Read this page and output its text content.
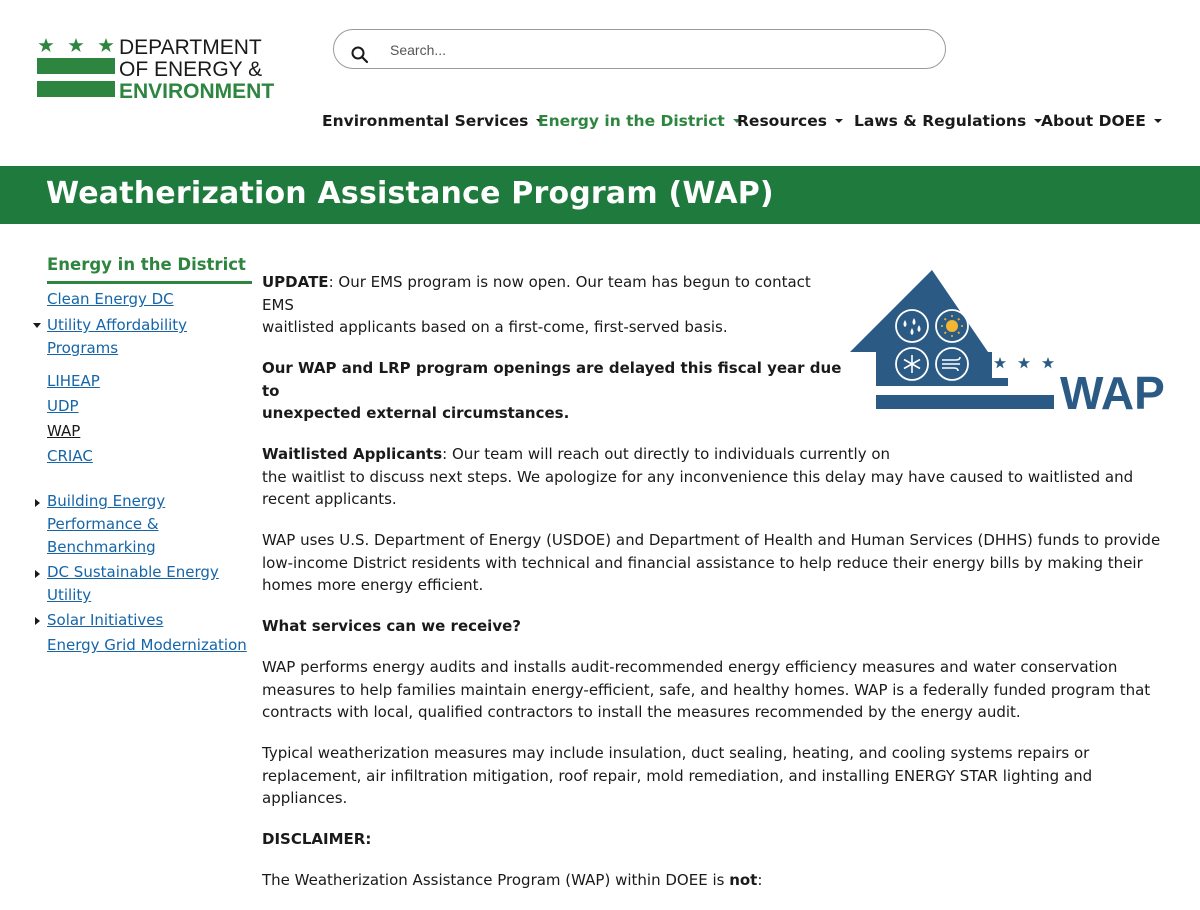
DEPARTMENT
OF ENERGY &
ENVIRONMENT
Search...
Environmental Services Energy in the District Resources Laws & Regulations About DOEE
Weatherization Assistance Program (WAP)
Energy in the District
Clean Energy DC
Utility Affordability
Programs
LIHEAP
UDP
WAP
CRIAC
Building Energy
Performance &
Benchmarking
DC Sustainable Energy
Utility
Solar Initiatives
Energy Grid Modernization
WAP

UPDATE: Our EMS program is now open. Our team has begun to contact EMS
waitlisted applicants based on a first-come, first-served basis.

Our WAP and LRP program openings are delayed this fiscal year due to
unexpected external circumstances.

Waitlisted Applicants: Our team will reach out directly to individuals currently on
the waitlist to discuss next steps. We apologize for any inconvenience this delay may have caused to waitlisted and recent applicants.

WAP uses U.S. Department of Energy (USDOE) and Department of Health and Human Services (DHHS) funds to provide low-income District residents with technical and financial assistance to help reduce their energy bills by making their homes more energy efficient.

What services can we receive?

WAP performs energy audits and installs audit-recommended energy efficiency measures and water conservation measures to help families maintain energy-efficient, safe, and healthy homes. WAP is a federally funded program that contracts with local, qualified contractors to install the measures recommended by the energy audit.

Typical weatherization measures may include insulation, duct sealing, heating, and cooling systems repairs or replacement, air infiltration mitigation, roof repair, mold remediation, and installing ENERGY STAR lighting and appliances.

DISCLAIMER:

The Weatherization Assistance Program (WAP) within DOEE is not:
